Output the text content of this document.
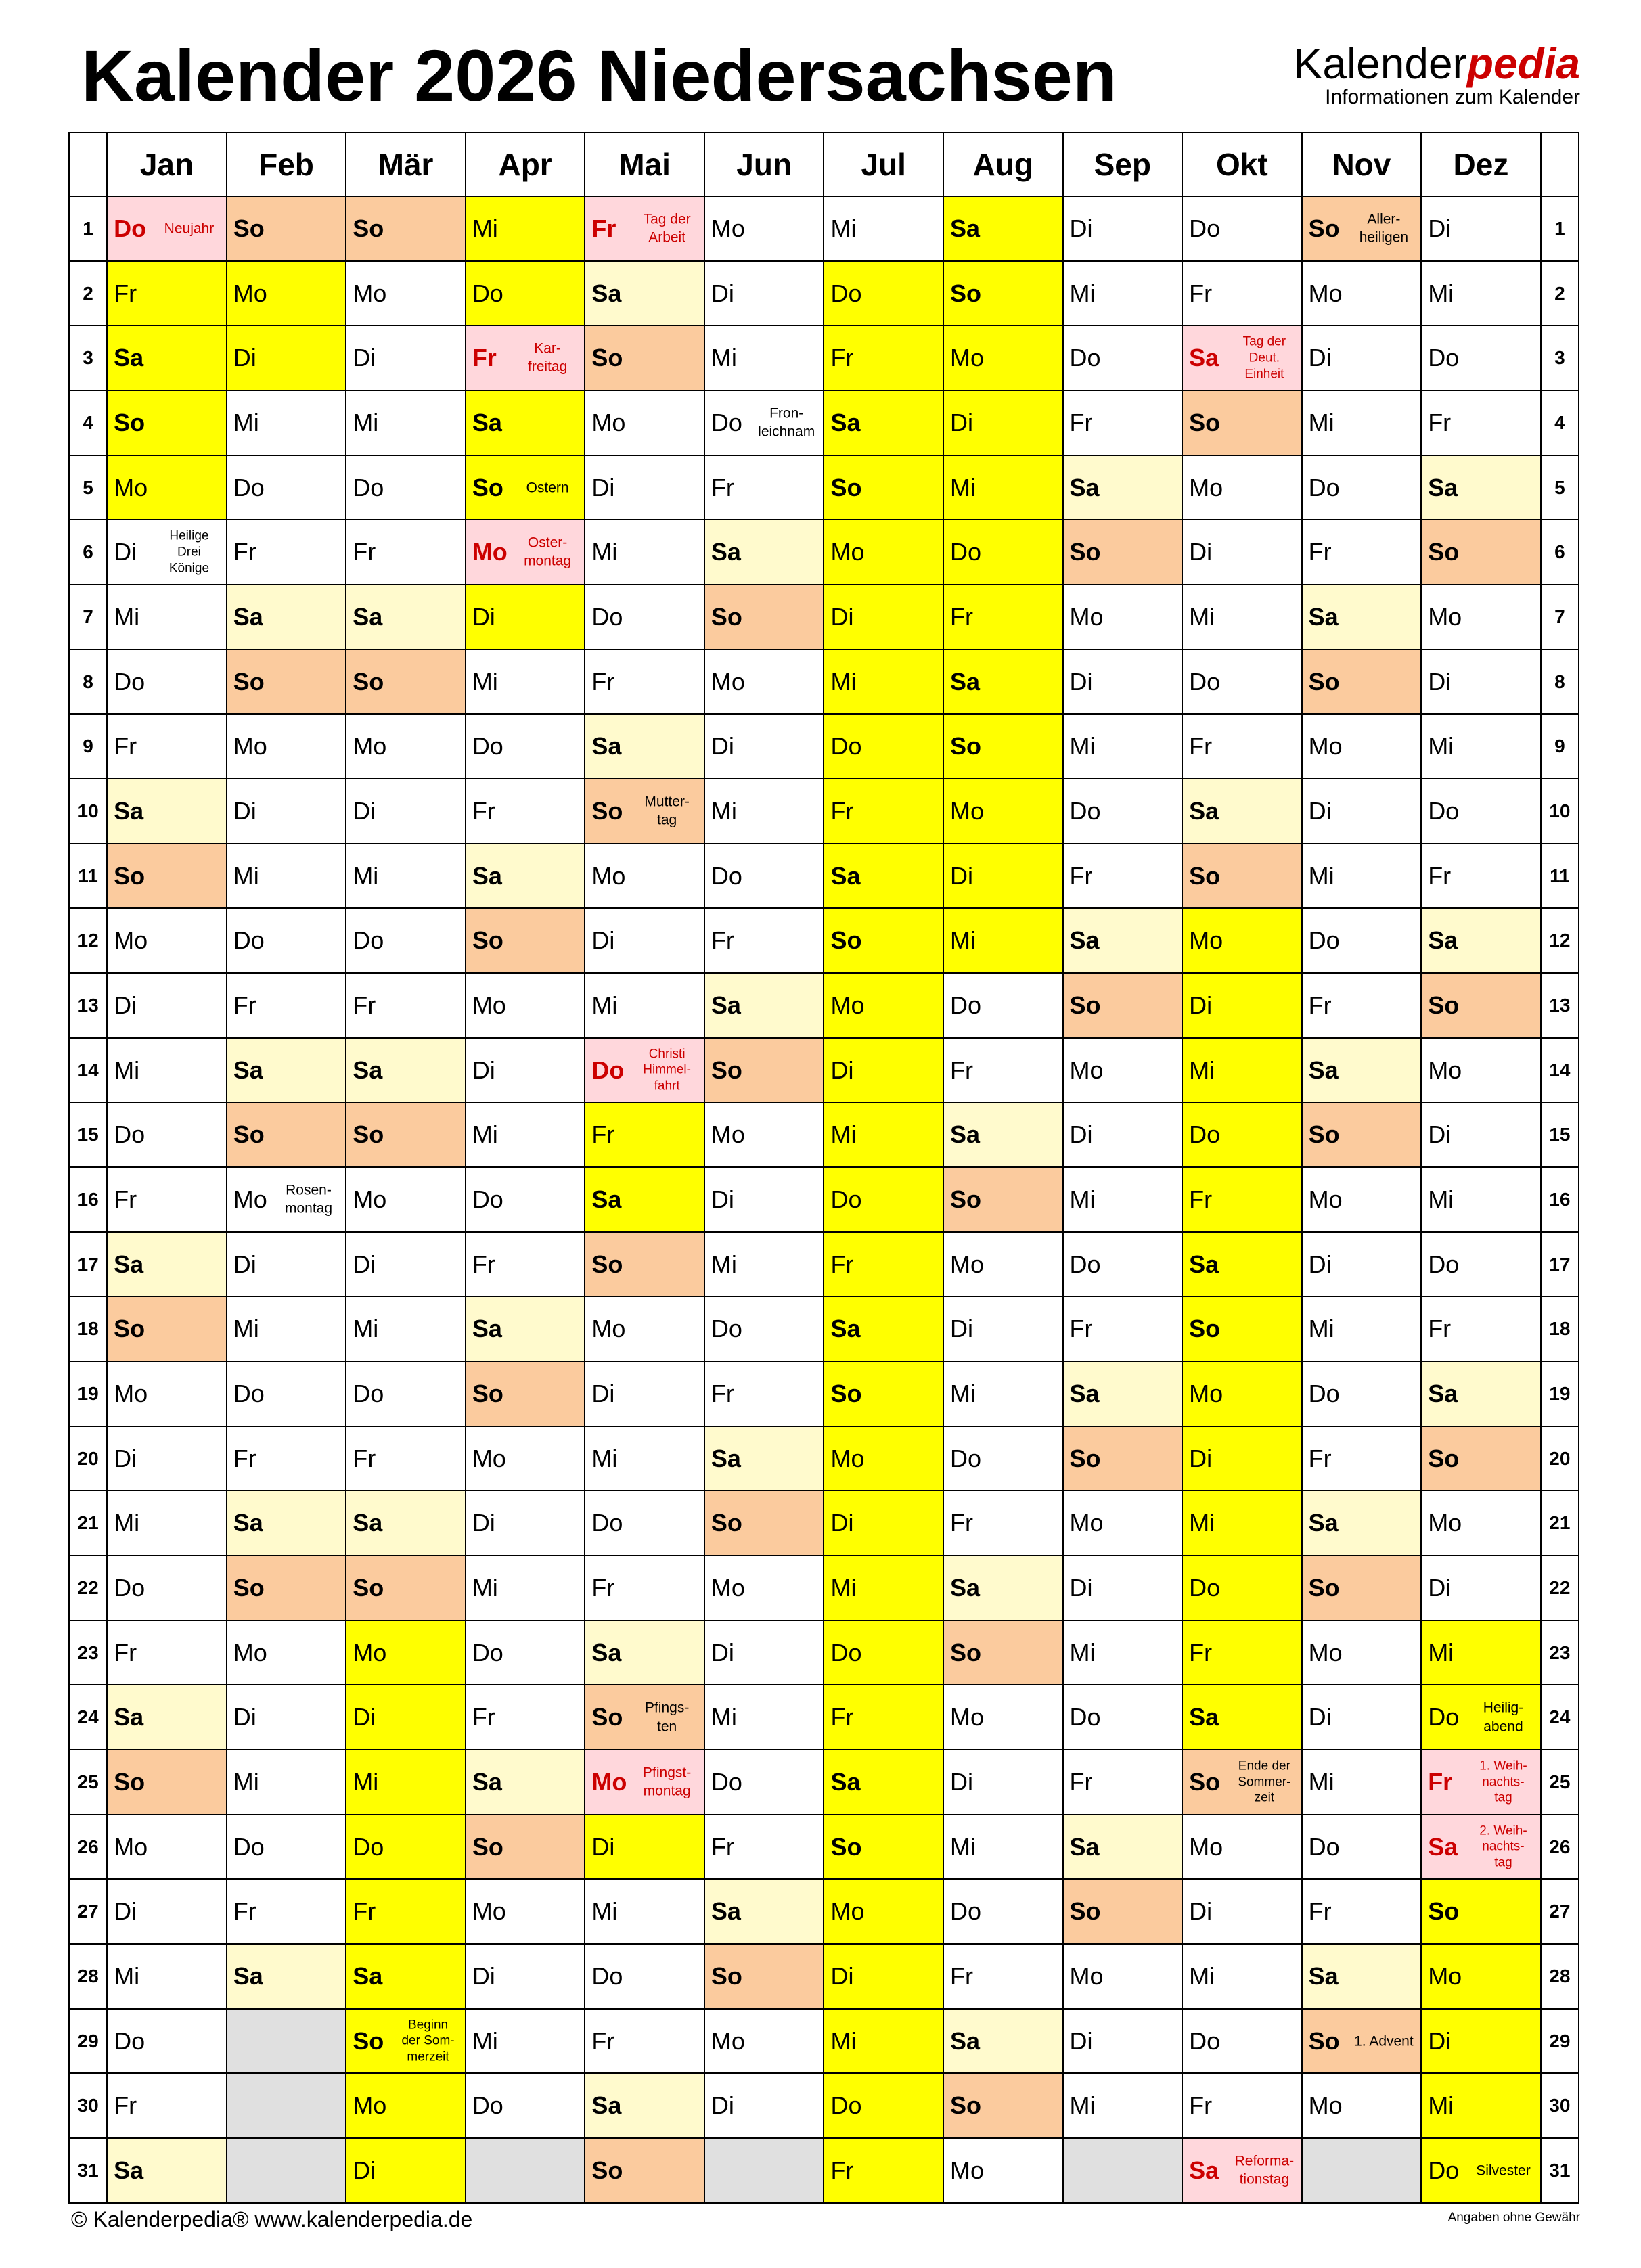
Kalender 2026 Niedersachsen	Kalenderpedia
Informationen zum Kalender
	Jan	Feb	Mär	Apr	Mai	Jun	Jul	Aug	Sep	Okt	Nov	Dez	
1	Do Neujahr	So	So	Mi	Fr Tag der
Arbeit	Mo	Mi	Sa	Di	Do	So Aller-
heiligen	Di	1
2	Fr	Mo	Mo	Do	Sa	Di	Do	So	Mi	Fr	Mo	Mi	2
3	Sa	Di	Di	Fr Kar-
freitag	So	Mi	Fr	Mo	Do	Sa
Tag der
Deut.
Einheit	Di	Do	3
4	So	Mi	Mi	Sa	Mo	Do Fron-
leichnam	Sa	Di	Fr	So	Mi	Fr	4
5	Mo	Do	Do	So Ostern	Di	Fr	So	Mi	Sa	Mo	Do	Sa	5
6	Di
Heilige
Drei
Könige	Fr	Fr	Mo Oster-
montag	Mi	Sa	Mo	Do	So	Di	Fr	So	6
7	Mi	Sa	Sa	Di	Do	So	Di	Fr	Mo	Mi	Sa	Mo	7
8	Do	So	So	Mi	Fr	Mo	Mi	Sa	Di	Do	So	Di	8
9	Fr	Mo	Mo	Do	Sa	Di	Do	So	Mi	Fr	Mo	Mi	9
10	Sa	Di	Di	Fr	So Mutter-
tag	Mi	Fr	Mo	Do	Sa	Di	Do	10
11	So	Mi	Mi	Sa	Mo	Do	Sa	Di	Fr	So	Mi	Fr	11
12	Mo	Do	Do	So	Di	Fr	So	Mi	Sa	Mo	Do	Sa	12
13	Di	Fr	Fr	Mo	Mi	Sa	Mo	Do	So	Di	Fr	So	13
14	Mi	Sa	Sa	Di	Do
Christi
Himmel-
fahrt	So	Di	Fr	Mo	Mi	Sa	Mo	14
15	Do	So	So	Mi	Fr	Mo	Mi	Sa	Di	Do	So	Di	15
16	Fr	Mo Rosen-
montag	Mo	Do	Sa	Di	Do	So	Mi	Fr	Mo	Mi	16
17	Sa	Di	Di	Fr	So	Mi	Fr	Mo	Do	Sa	Di	Do	17
18	So	Mi	Mi	Sa	Mo	Do	Sa	Di	Fr	So	Mi	Fr	18
19	Mo	Do	Do	So	Di	Fr	So	Mi	Sa	Mo	Do	Sa	19
20	Di	Fr	Fr	Mo	Mi	Sa	Mo	Do	So	Di	Fr	So	20
21	Mi	Sa	Sa	Di	Do	So	Di	Fr	Mo	Mi	Sa	Mo	21
22	Do	So	So	Mi	Fr	Mo	Mi	Sa	Di	Do	So	Di	22
23	Fr	Mo	Mo	Do	Sa	Di	Do	So	Mi	Fr	Mo	Mi	23
24	Sa	Di	Di	Fr	So Pfings-
ten	Mi	Fr	Mo	Do	Sa	Di	Do Heilig-
abend	24
25	So	Mi	Mi	Sa	Mo Pfingst-
montag	Do	Sa	Di	Fr	So
Ende der
Sommer-
zeit	Mi	Fr
1. Weih-
nachts-
tag	25
26	Mo	Do	Do	So	Di	Fr	So	Mi	Sa	Mo	Do	Sa
2. Weih-
nachts-
tag	26
27	Di	Fr	Fr	Mo	Mi	Sa	Mo	Do	So	Di	Fr	So	27
28	Mi	Sa	Sa	Di	Do	So	Di	Fr	Mo	Mi	Sa	Mo	28
29	Do		So
Beginn
der Som-
merzeit	Mi	Fr	Mo	Mi	Sa	Di	Do	So 1. Advent	Di	29
30	Fr		Mo	Do	Sa	Di	Do	So	Mi	Fr	Mo	Mi	30
31	Sa		Di		So		Fr	Mo		Sa Reforma-
tionstag		Do Silvester	31
© Kalenderpedia® www.kalenderpedia.de	Angaben ohne Gewähr
